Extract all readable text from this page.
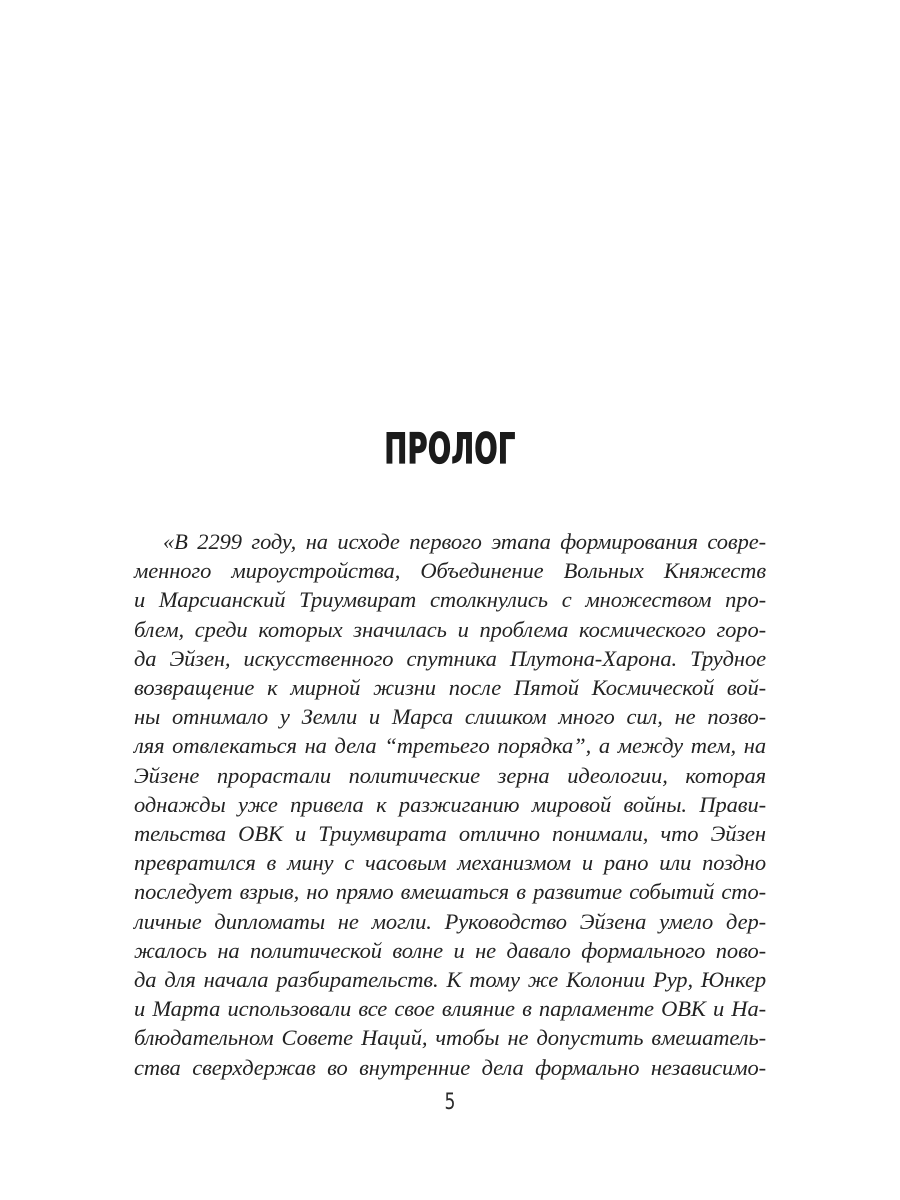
ПРОЛОГ

«В 2299 году, на исходе первого этапа формирования совре-

менного мироустройства, Объединение Вольных Княжеств

и Марсианский Триумвират столкнулись с множеством про-

блем, среди которых значилась и проблема космического горо-

да Эйзен, искусственного спутника Плутона-Харона. Трудное

возвращение к мирной жизни после Пятой Космической вой-

ны отнимало у Земли и Марса слишком много сил, не позво-

ляя отвлекаться на дела “третьего порядка”, а между тем, на

Эйзене прорастали политические зерна идеологии, которая

однажды уже привела к разжиганию мировой войны. Прави-

тельства ОВК и Триумвирата отлично понимали, что Эйзен

превратился в мину с часовым механизмом и рано или поздно

последует взрыв, но прямо вмешаться в развитие событий сто-

личные дипломаты не могли. Руководство Эйзена умело дер-

жалось на политической волне и не давало формального пово-

да для начала разбирательств. К тому же Колонии Рур, Юнкер

и Марта использовали все свое влияние в парламенте ОВК и На-

блюдательном Совете Наций, чтобы не допустить вмешатель-

ства сверхдержав во внутренние дела формально независимо-

5
